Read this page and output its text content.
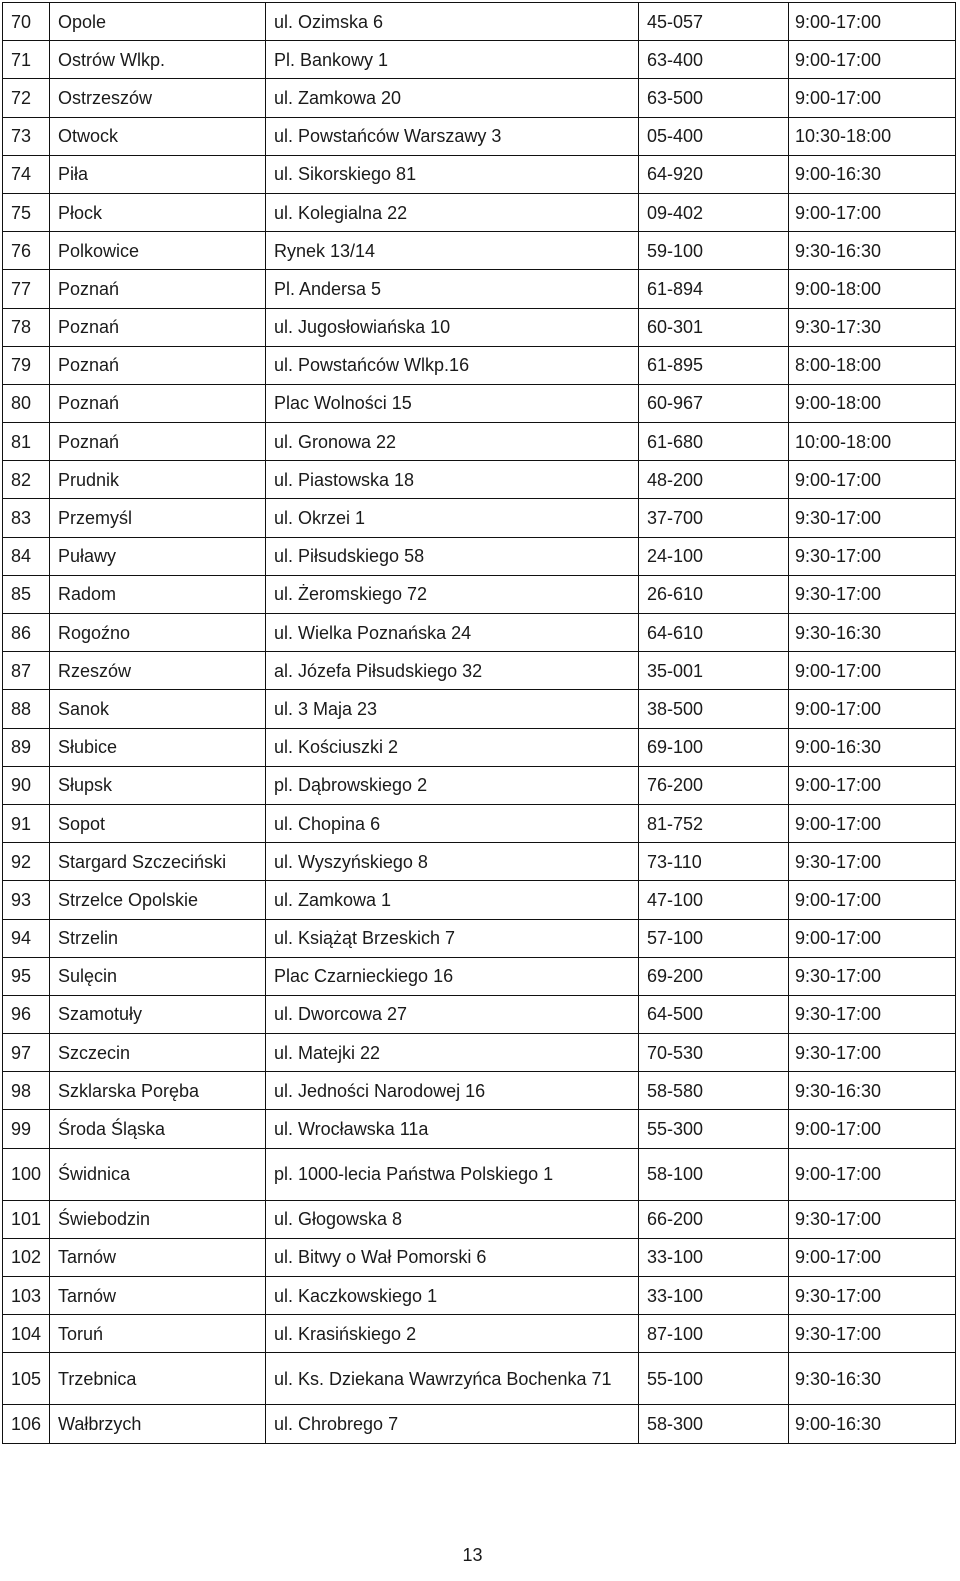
70	Opole	ul. Ozimska 6	45-057	9:00-17:00
71	Ostrów Wlkp.	Pl. Bankowy 1	63-400	9:00-17:00
72	Ostrzeszów	ul. Zamkowa 20	63-500	9:00-17:00
73	Otwock	ul. Powstańców Warszawy 3	05-400	10:30-18:00
74	Piła	ul. Sikorskiego 81	64-920	9:00-16:30
75	Płock	ul. Kolegialna 22	09-402	9:00-17:00
76	Polkowice	Rynek 13/14	59-100	9:30-16:30
77	Poznań	Pl. Andersa 5	61-894	9:00-18:00
78	Poznań	ul. Jugosłowiańska 10	60-301	9:30-17:30
79	Poznań	ul. Powstańców Wlkp.16	61-895	8:00-18:00
80	Poznań	Plac Wolności 15	60-967	9:00-18:00
81	Poznań	ul. Gronowa 22	61-680	10:00-18:00
82	Prudnik	ul. Piastowska 18	48-200	9:00-17:00
83	Przemyśl	ul. Okrzei 1	37-700	9:30-17:00
84	Puławy	ul. Piłsudskiego 58	24-100	9:30-17:00
85	Radom	ul. Żeromskiego 72	26-610	9:30-17:00
86	Rogoźno	ul. Wielka Poznańska 24	64-610	9:30-16:30
87	Rzeszów	al. Józefa Piłsudskiego 32	35-001	9:00-17:00
88	Sanok	ul. 3 Maja 23	38-500	9:00-17:00
89	Słubice	ul. Kościuszki 2	69-100	9:00-16:30
90	Słupsk	pl. Dąbrowskiego 2	76-200	9:00-17:00
91	Sopot	ul. Chopina 6	81-752	9:00-17:00
92	Stargard Szczeciński	ul. Wyszyńskiego 8	73-110	9:30-17:00
93	Strzelce Opolskie	ul. Zamkowa 1	47-100	9:00-17:00
94	Strzelin	ul. Książąt Brzeskich 7	57-100	9:00-17:00
95	Sulęcin	Plac Czarnieckiego 16	69-200	9:30-17:00
96	Szamotuły	ul. Dworcowa 27	64-500	9:30-17:00
97	Szczecin	ul. Matejki 22	70-530	9:30-17:00
98	Szklarska Poręba	ul. Jedności Narodowej 16	58-580	9:30-16:30
99	Środa Śląska	ul. Wrocławska 11a	55-300	9:00-17:00
100	Świdnica	pl. 1000-lecia Państwa Polskiego 1	58-100	9:00-17:00
101	Świebodzin	ul. Głogowska 8	66-200	9:30-17:00
102	Tarnów	ul. Bitwy o Wał Pomorski 6	33-100	9:00-17:00
103	Tarnów	ul. Kaczkowskiego 1	33-100	9:30-17:00
104	Toruń	ul. Krasińskiego 2	87-100	9:30-17:00
105	Trzebnica	ul. Ks. Dziekana Wawrzyńca Bochenka 71	55-100	9:30-16:30
106	Wałbrzych	ul. Chrobrego 7	58-300	9:00-16:30
13
